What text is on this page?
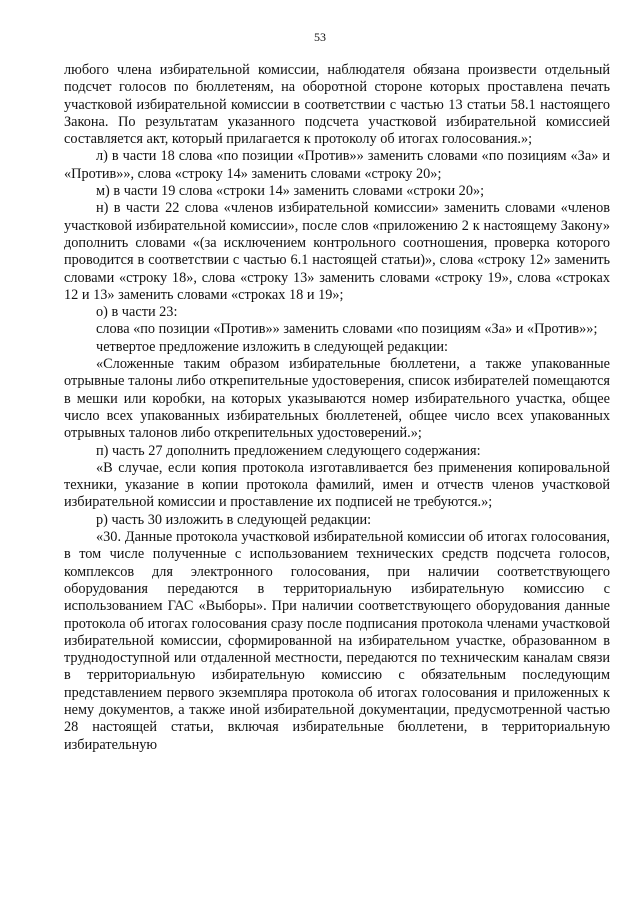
53

любого члена избирательной комиссии, наблюдателя обязана произвести отдельный подсчет голосов по бюллетеням, на оборотной стороне которых проставлена печать участковой избирательной комиссии в соответствии с частью 13 статьи 58.1 настоящего Закона. По результатам указанного подсчета участковой избирательной комиссией составляется акт, который прилагается к протоколу об итогах голосования.»;

л) в части 18 слова «по позиции «Против»» заменить словами «по позициям «За» и «Против»», слова «строку 14» заменить словами «строку 20»;

м) в части 19 слова «строки 14» заменить словами «строки 20»;

н) в части 22 слова «членов избирательной комиссии» заменить словами «членов участковой избирательной комиссии», после слов «приложению 2 к настоящему Закону» дополнить словами «(за исключением контрольного соотношения, проверка которого проводится в соответствии с частью 6.1 настоящей статьи)», слова «строку 12» заменить словами «строку 18», слова «строку 13» заменить словами «строку 19», слова «строках 12 и 13» заменить словами «строках 18 и 19»;

о) в части 23:

слова «по позиции «Против»» заменить словами «по позициям «За» и «Против»»;

четвертое предложение изложить в следующей редакции:

«Сложенные таким образом избирательные бюллетени, а также упакованные отрывные талоны либо открепительные удостоверения, список избирателей помещаются в мешки или коробки, на которых указываются номер избирательного участка, общее число всех упакованных избирательных бюллетеней, общее число всех упакованных отрывных талонов либо открепительных удостоверений.»;

п) часть 27 дополнить предложением следующего содержания:

«В случае, если копия протокола изготавливается без применения копировальной техники, указание в копии протокола фамилий, имен и отчеств членов участковой избирательной комиссии и проставление их подписей не требуются.»;

р) часть 30 изложить в следующей редакции:

«30. Данные протокола участковой избирательной комиссии об итогах голосования, в том числе полученные с использованием технических средств подсчета голосов, комплексов для электронного голосования, при наличии соответствующего оборудования передаются в территориальную избирательную комиссию с использованием ГАС «Выборы». При наличии соответствующего оборудования данные протокола об итогах голосования сразу после подписания протокола членами участковой избирательной комиссии, сформированной на избирательном участке, образованном в труднодоступной или отдаленной местности, передаются по техническим каналам связи в территориальную избирательную комиссию с обязательным последующим представлением первого экземпляра протокола об итогах голосования и приложенных к нему документов, а также иной избирательной документации, предусмотренной частью 28 настоящей статьи, включая избирательные бюллетени, в территориальную избирательную
